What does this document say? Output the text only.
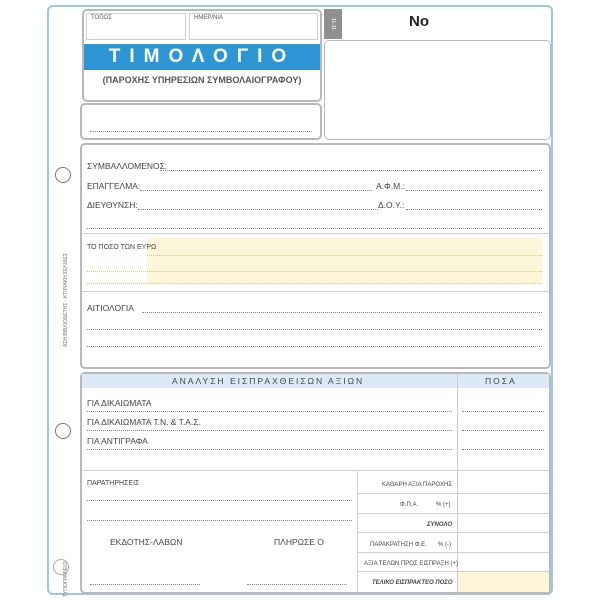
ΑΣΗ ΒΙΒΛΙΟΔΕΤΗΣ - ΚΤΙΡΙΑΚΗ ΣΕΛΙΔΕΣ
ΤΥΠΟΓΡΑΦΕΙΟ
ΤΟΠΟΣ	ΗΜΕΡ/ΝΙΑ
ΤΙΜΟΛΟΓΙΟ
(ΠΑΡΟΧΗΣ ΥΠΗΡΕΣΙΩΝ ΣΥΜΒΟΛΑΙΟΓΡΑΦΟΥ)
11-11	No
ΣΥΜΒΑΛΛΟΜΕΝΟΣ:
ΕΠΑΓΓΕΛΜΑ:	Α.Φ.Μ.:
ΔΙΕΥΘΥΝΣΗ:	Δ.Ο.Υ.:
ΤΟ ΠΟΣΟ ΤΩΝ ΕΥΡΩ
ΑΙΤΙΟΛΟΓΙΑ
ΑΝΑΛΥΣΗ ΕΙΣΠΡΑΧΘΕΙΣΩΝ ΑΞΙΩΝ	ΠΟΣΑ
ΓΙΑ ΔΙΚΑΙΩΜΑΤΑ
ΓΙΑ ΔΙΚΑΙΩΜΑΤΑ Τ.Ν. & Τ.Α.Σ.
ΓΙΑ ΑΝΤΙΓΡΑΦΑ
ΠΑΡΑΤΗΡΗΣΕΙΣ
ΕΚΔΟΤΗΣ-ΛΑΒΩΝ	ΠΛΗΡΩΣΕ Ο
ΚΑΘΑΡΗ ΑΞΙΑ ΠΑΡΟΧΗΣ
Φ.Π.Α.	% (+)
ΣΥΝΟΛΟ
ΠΑΡΑΚΡΑΤΗΣΗ Φ.Ε. % (-)
ΑΞΙΑ ΤΕΛΩΝ ΠΡΟΣ ΕΙΣΠΡΑΞΗ (+)
ΤΕΛΙΚΟ ΕΙΣΠΡΑΚΤΕΟ ΠΟΣΟ
